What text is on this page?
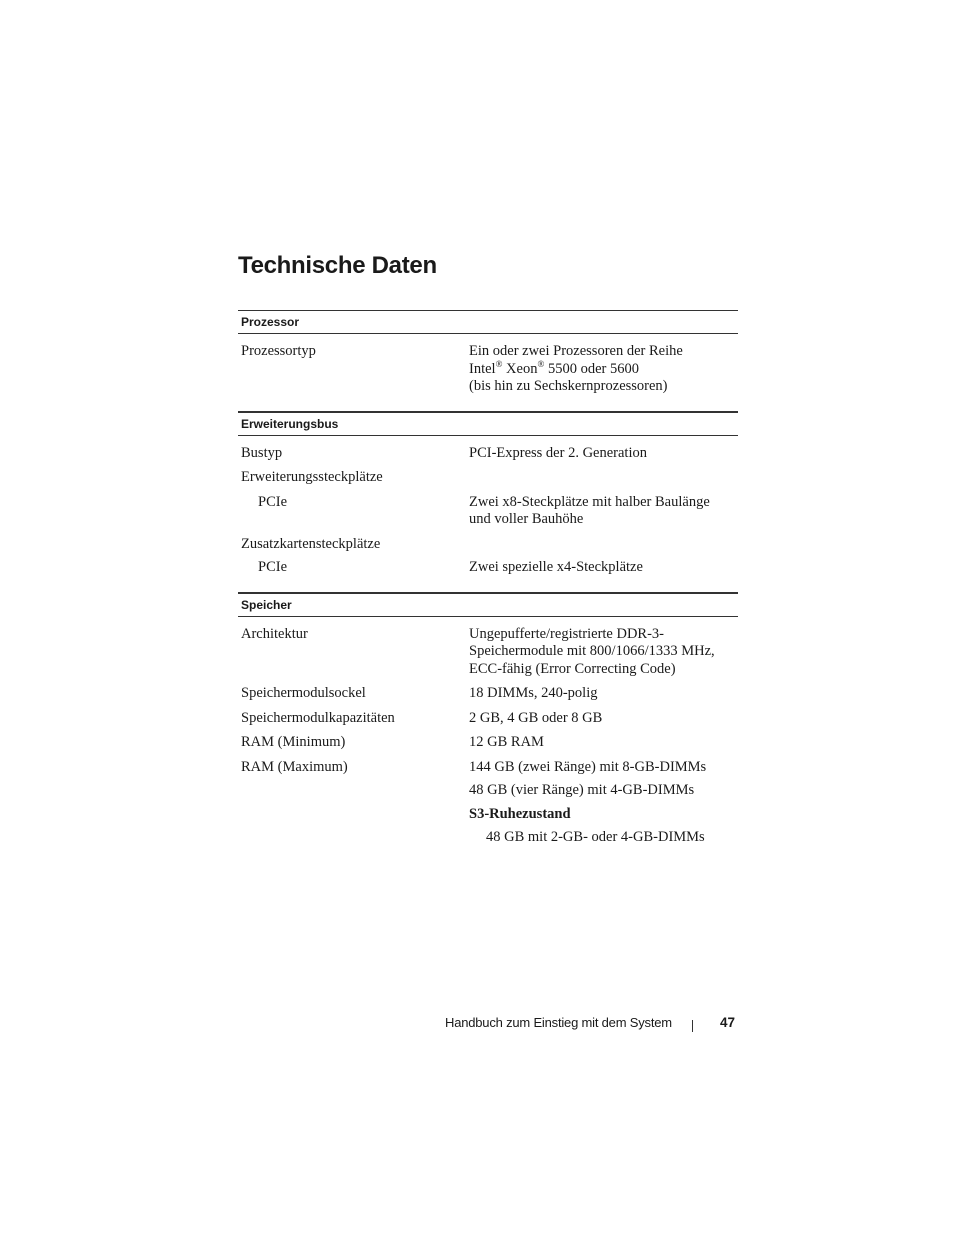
Technische Daten
Prozessor
Prozessortyp	Ein oder zwei Prozessoren der Reihe
Intel® Xeon® 5500 oder 5600
(bis hin zu Sechskernprozessoren)
Erweiterungsbus
Bustyp	PCI-Express der 2. Generation
Erweiterungssteckplätze
PCIe	Zwei x8-Steckplätze mit halber Baulänge
und voller Bauhöhe
Zusatzkartensteckplätze
PCIe	Zwei spezielle x4-Steckplätze
Speicher
Architektur	Ungepufferte/registrierte DDR-3-
Speichermodule mit 800/1066/1333 MHz,
ECC-fähig (Error Correcting Code)
Speichermodulsockel	18 DIMMs, 240-polig
Speichermodulkapazitäten	2 GB, 4 GB oder 8 GB
RAM (Minimum)	12 GB RAM
RAM (Maximum)	144 GB (zwei Ränge) mit 8-GB-DIMMs
48 GB (vier Ränge) mit 4-GB-DIMMs
S3-Ruhezustand
48 GB mit 2-GB- oder 4-GB-DIMMs
Handbuch zum Einstieg mit dem System	47
